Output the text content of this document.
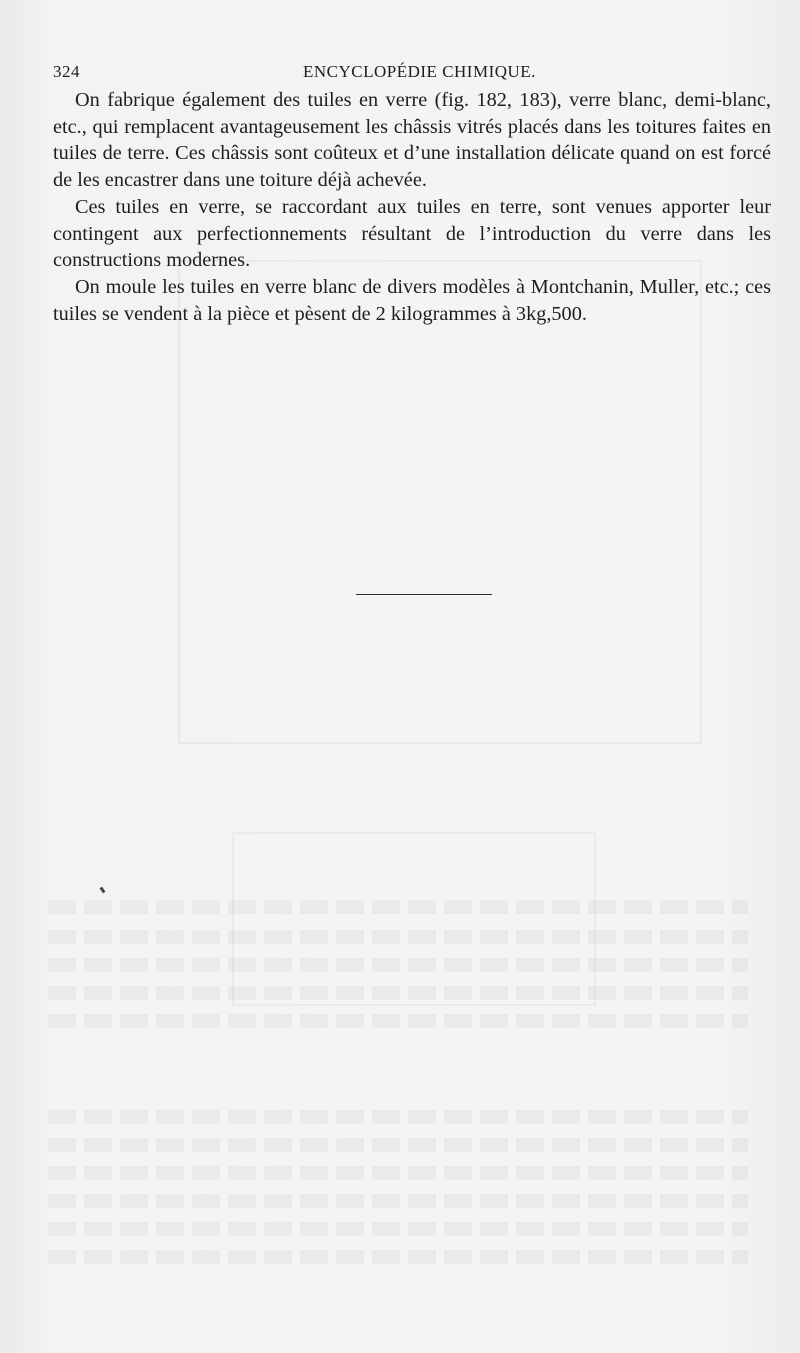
324	ENCYCLOPÉDIE CHIMIQUE.

On fabrique également des tuiles en verre (fig. 182, 183), verre blanc, demi-blanc, etc., qui remplacent avantageusement les châssis vitrés placés dans les toitures faites en tuiles de terre. Ces châssis sont coûteux et d’une installation délicate quand on est forcé de les encastrer dans une toiture déjà achevée.

Ces tuiles en verre, se raccordant aux tuiles en terre, sont venues apporter leur contingent aux perfectionnements résultant de l’introduction du verre dans les constructions modernes.

On moule les tuiles en verre blanc de divers modèles à Montchanin, Muller, etc.; ces tuiles se vendent à la pièce et pèsent de 2 kilogrammes à 3kg,500.
